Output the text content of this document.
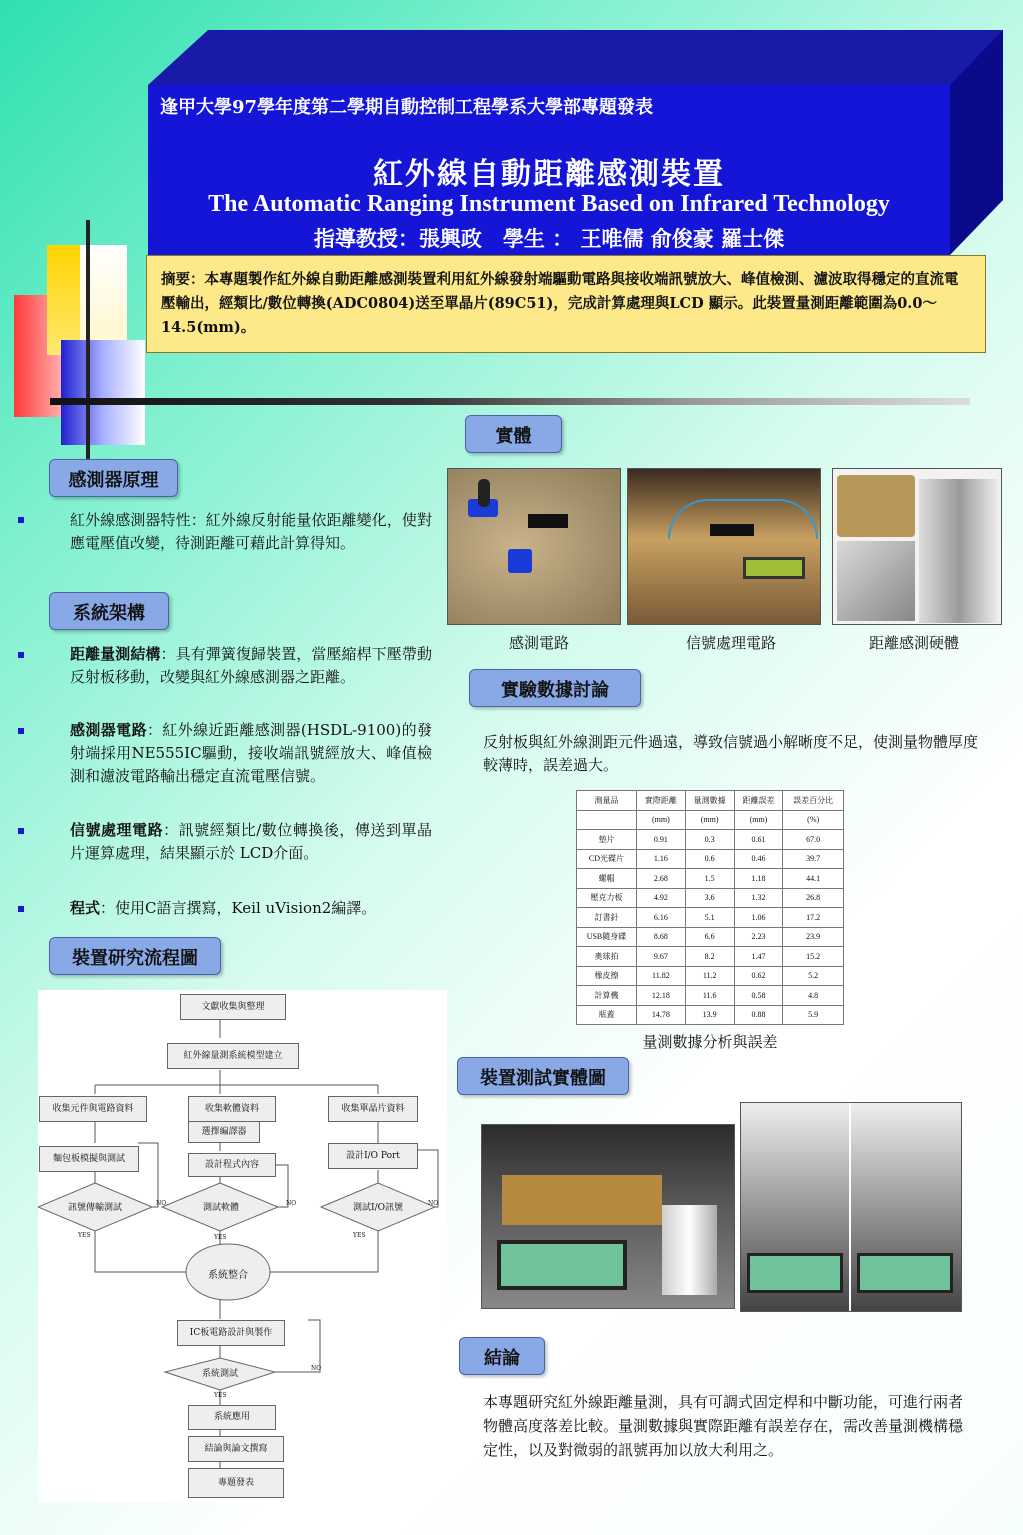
逢甲大學97學年度第二學期自動控制工程學系大學部專題發表
紅外線自動距離感測裝置
The Automatic Ranging Instrument Based on Infrared Technology
指導教授：張興政　學生 ： 王唯儒 俞俊豪 羅士傑
摘要：本專題製作紅外線自動距離感測裝置利用紅外線發射端驅動電路與接收端訊號放大、峰值檢測、濾波取得穩定的直流電壓輸出，經類比/數位轉換(ADC0804)送至單晶片(89C51)，完成計算處理與LCD 顯示。此裝置量測距離範圍為0.0～14.5(mm)。
感測器原理
紅外線感測器特性：紅外線反射能量依距離變化，使對應電壓值改變，待測距離可藉此計算得知。
系統架構
距離量測結構：具有彈簧復歸裝置，當壓縮桿下壓帶動反射板移動，改變與紅外線感測器之距離。
感測器電路：紅外線近距離感測器(HSDL-9100)的發射端採用NE555IC驅動，接收端訊號經放大、峰值檢測和濾波電路輸出穩定直流電壓信號。
信號處理電路：訊號經類比/數位轉換後，傳送到單晶片運算處理，結果顯示於 LCD介面。
程式：使用C語言撰寫，Keil uVision2編譯。
裝置研究流程圖
文獻收集與整理
紅外線量測系統模型建立
收集元件與電路資料	收集軟體資料	收集單晶片資料
選擇編譯器
麵包板模擬與測試
設計程式內容
設計I/O Port
訊號傳輸測試	測試軟體	測試I/O訊號
YES	YES	YES
NO	NO	NO
系統整合
IC板電路設計與製作
系統測試
NO
YES
系統應用
結論與論文撰寫
專題發表
實體
感測電路	信號處理電路	距離感測硬體
實驗數據討論
反射板與紅外線測距元件過遠，導致信號過小解晰度不足，使測量物體厚度較薄時，誤差過大。
測量品	實際距離	量測數據	距離誤差	誤差百分比
	(mm)	(mm)	(mm)	(%)
墊片	0.91	0.3	0.61	67.0
CD光碟片	1.16	0.6	0.46	39.7
螺帽	2.68	1.5	1.18	44.1
壓克力板	4.92	3.6	1.32	26.8
訂書針	6.16	5.1	1.06	17.2
USB隨身碟	8.68	6.6	2.23	23.9
奧球拍	9.67	8.2	1.47	15.2
橡皮擦	11.82	11.2	0.62	5.2
計算機	12.18	11.6	0.58	4.8
瓶蓋	14.78	13.9	0.88	5.9
量測數據分析與誤差
裝置測試實體圖
結論
本專題研究紅外線距離量測，具有可調式固定桿和中斷功能，可進行兩者物體高度落差比較。量測數據與實際距離有誤差存在，需改善量測機構穩定性，以及對微弱的訊號再加以放大利用之。
